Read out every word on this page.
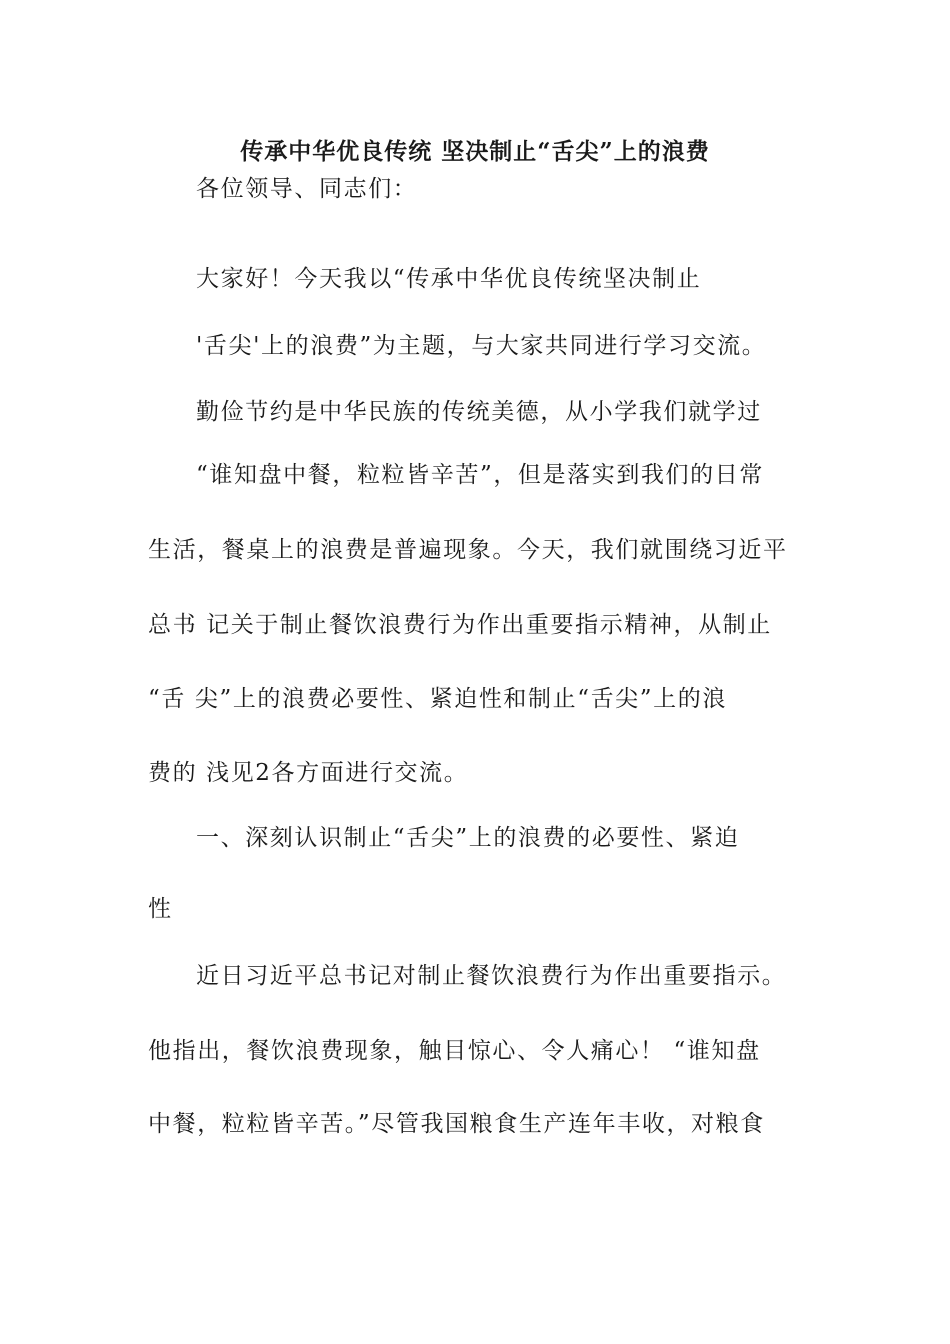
传承中华优良传统 坚决制止“舌尖”上的浪费
各位领导、同志们：
大家好！今天我以“传承中华优良传统坚决制止
'舌尖'上的浪费”为主题，与大家共同进行学习交流。
勤俭节约是中华民族的传统美德，从小学我们就学过
“谁知盘中餐，粒粒皆辛苦”，但是落实到我们的日常
生活，餐桌上的浪费是普遍现象。今天，我们就围绕习近平
总书 记关于制止餐饮浪费行为作出重要指示精神，从制止
“舌 尖”上的浪费必要性、紧迫性和制止“舌尖”上的浪
费的 浅见2各方面进行交流。
一、深刻认识制止“舌尖”上的浪费的必要性、紧迫
性
近日习近平总书记对制止餐饮浪费行为作出重要指示。
他指出，餐饮浪费现象，触目惊心、令人痛心！ “谁知盘
中餐，粒粒皆辛苦。”尽管我国粮食生产连年丰收，对粮食
